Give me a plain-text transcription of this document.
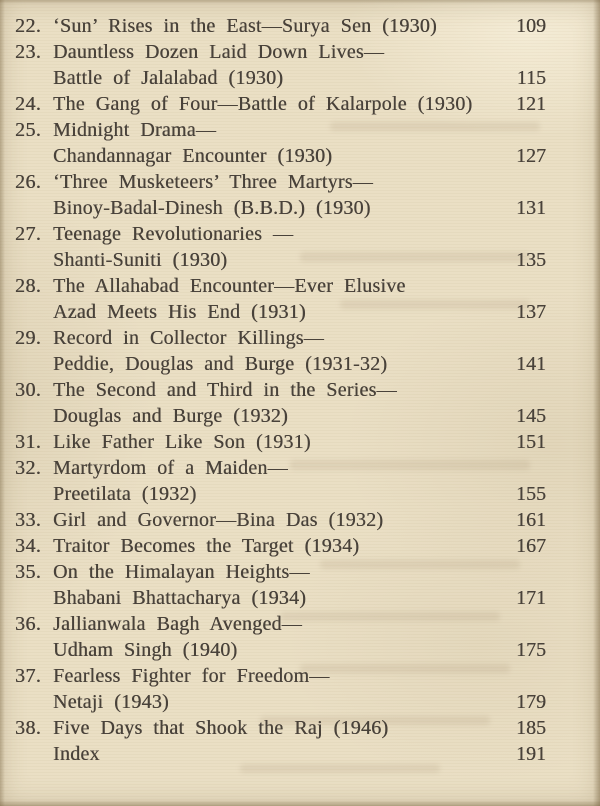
22. ‘Sun’ Rises in the East—Surya Sen (1930)	109
23. Dauntless Dozen Laid Down Lives—
Battle of Jalalabad (1930)	115
24. The Gang of Four—Battle of Kalarpole (1930)	121
25. Midnight Drama—
Chandannagar Encounter (1930)	127
26. ‘Three Musketeers’ Three Martyrs—
Binoy-Badal-Dinesh (B.B.D.) (1930)	131
27. Teenage Revolutionaries —
Shanti-Suniti (1930)	135
28. The Allahabad Encounter—Ever Elusive
Azad Meets His End (1931)	137
29. Record in Collector Killings—
Peddie, Douglas and Burge (1931-32)	141
30. The Second and Third in the Series—
Douglas and Burge (1932)	145
31. Like Father Like Son (1931)	151
32. Martyrdom of a Maiden—
Preetilata (1932)	155
33. Girl and Governor—Bina Das (1932)	161
34. Traitor Becomes the Target (1934)	167
35. On the Himalayan Heights—
Bhabani Bhattacharya (1934)	171
36. Jallianwala Bagh Avenged—
Udham Singh (1940)	175
37. Fearless Fighter for Freedom—
Netaji (1943)	179
38. Five Days that Shook the Raj (1946)	185
Index	191
